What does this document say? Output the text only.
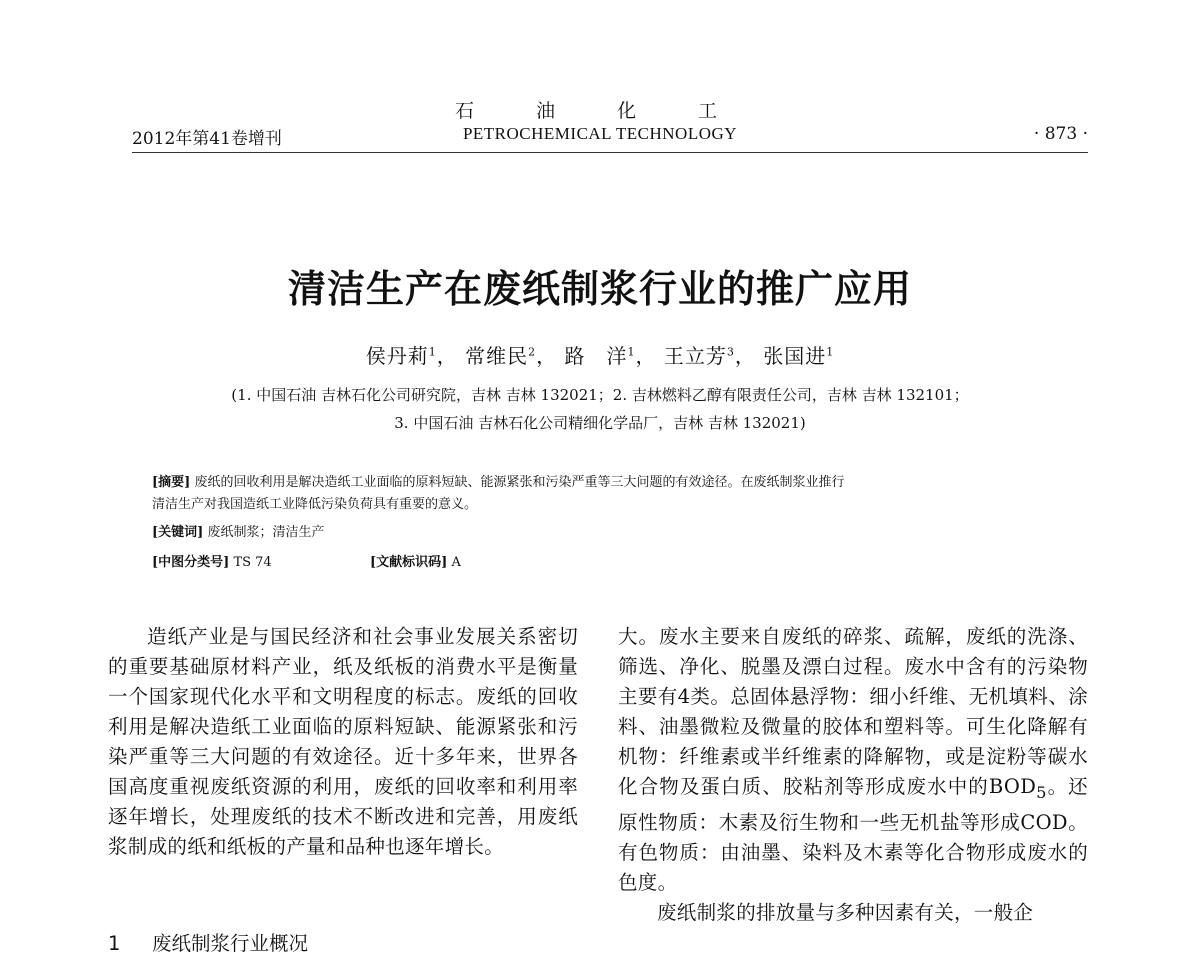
石 油 化 工
2012年第41卷增刊	PETROCHEMICAL TECHNOLOGY	· 873 ·
清洁生产在废纸制浆行业的推广应用
侯丹莉$^1$， 常维民$^2$， 路　洋$^1$， 王立芳$^3$， 张国进$^1$
(1. 中国石油 吉林石化公司研究院，吉林 吉林 132021；2. 吉林燃料乙醇有限责任公司，吉林 吉林 132101；
3. 中国石油 吉林石化公司精细化学品厂，吉林 吉林 132021)
[摘要] 废纸的回收利用是解决造纸工业面临的原料短缺、能源紧张和污染严重等三大问题的有效途径。在废纸制浆业推行
清洁生产对我国造纸工业降低污染负荷具有重要的意义。
[关键词] 废纸制浆；清洁生产
[中图分类号] TS 74	[文献标识码] A

造纸产业是与国民经济和社会事业发展关系密切的重要基础原材料产业，纸及纸板的消费水平是衡量一个国家现代化水平和文明程度的标志。废纸的回收利用是解决造纸工业面临的原料短缺、能源紧张和污染严重等三大问题的有效途径。近十多年来，世界各国高度重视废纸资源的利用，废纸的回收率和利用率逐年增长，处理废纸的技术不断改进和完善，用废纸浆制成的纸和纸板的产量和品种也逐年增长。

1 废纸制浆行业概况

大。废水主要来自废纸的碎浆、疏解，废纸的洗涤、筛选、净化、脱墨及漂白过程。废水中含有的污染物主要有4类。总固体悬浮物：细小纤维、无机填料、涂料、油墨微粒及微量的胶体和塑料等。可生化降解有机物：纤维素或半纤维素的降解物，或是淀粉等碳水化合物及蛋白质、胶粘剂等形成废水中的$BOD_5$。还原性物质：木素及衍生物和一些无机盐等形成COD。有色物质：由油墨、染料及木素等化合物形成废水的色度。

废纸制浆的排放量与多种因素有关，一般企
